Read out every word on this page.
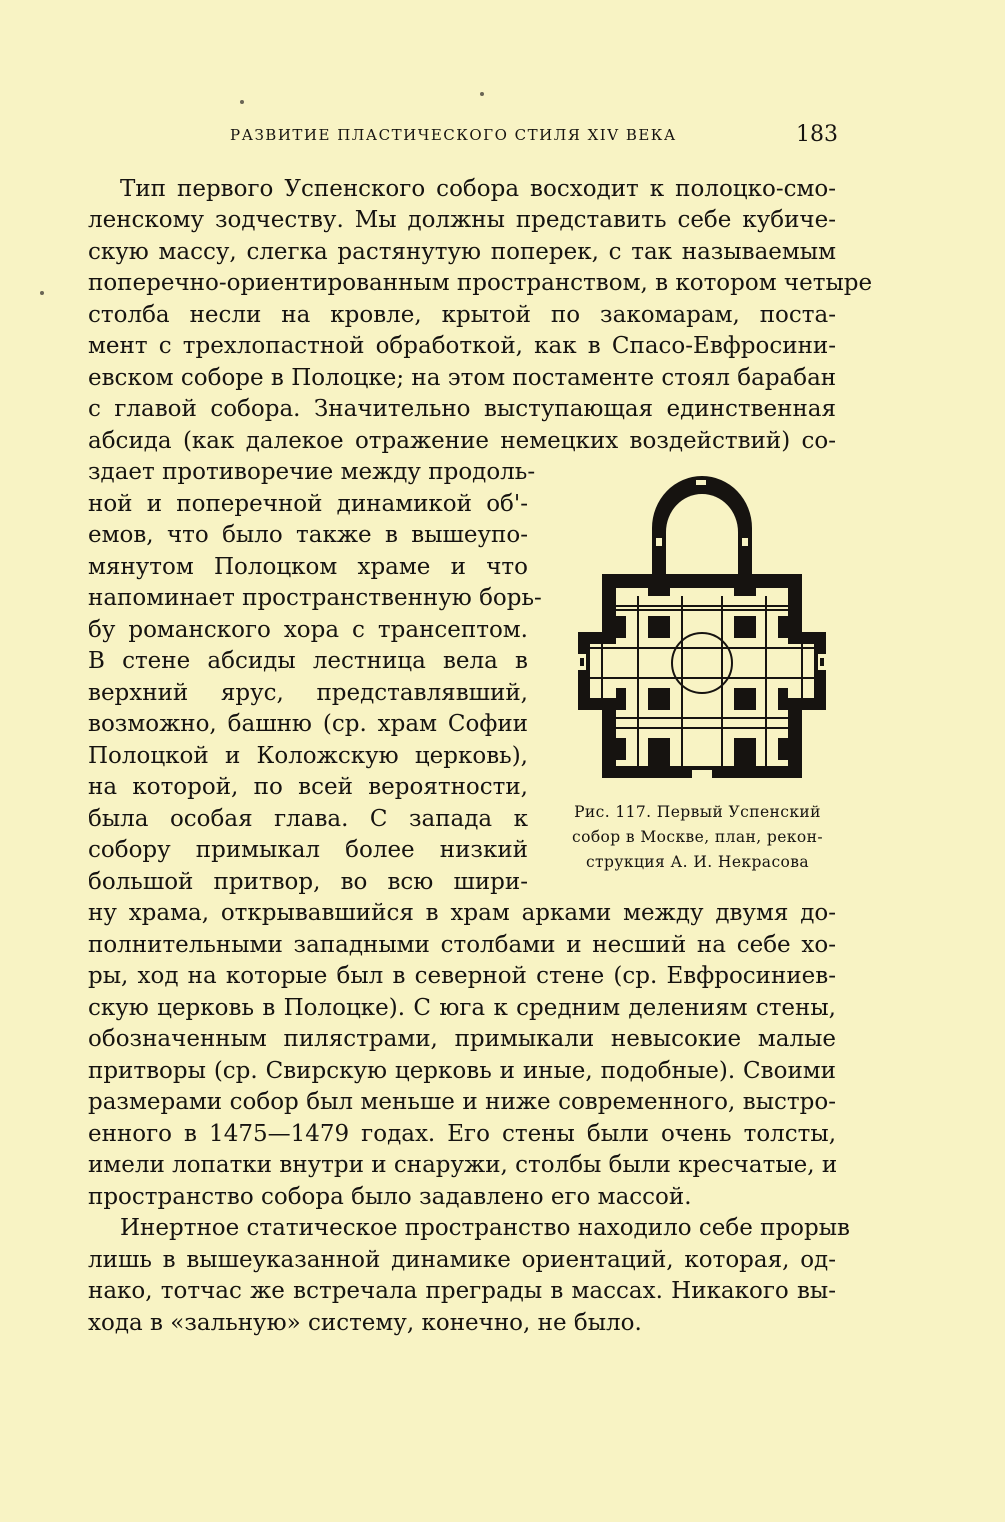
РАЗВИТИЕ ПЛАСТИЧЕСКОГО СТИЛЯ XIV ВЕКА	183
Тип первого Успенского собора восходит к полоцко-смо-
ленскому зодчеству. Мы должны представить себе кубиче-
скую массу, слегка растянутую поперек, с так называемым
поперечно-ориентированным пространством, в котором четыре
столба несли на кровле, крытой по закомарам, поста-
мент с трехлопастной обработкой, как в Спасо-Евфросини-
евском соборе в Полоцке; на этом постаменте стоял барабан
с главой собора. Значительно выступающая единственная
абсида (как далекое отражение немецких воздействий) со-
здает противоречие между продоль-
ной и поперечной динамикой об'-
емов, что было также в вышеупо-
мянутом Полоцком храме и что
напоминает пространственную борь-
бу романского хора с трансептом.
В стене абсиды лестница вела в
верхний ярус, представлявший,
возможно, башню (ср. храм Софии
Полоцкой и Коложскую церковь),
на которой, по всей вероятности,
была особая глава. С запада к
собору примыкал более низкий
большой притвор, во всю шири-
ну храма, открывавшийся в храм арками между двумя до-
полнительными западными столбами и несший на себе хо-
ры, ход на которые был в северной стене (ср. Евфросиниев-
скую церковь в Полоцке). С юга к средним делениям стены,
обозначенным пилястрами, примыкали невысокие малые
притворы (ср. Свирскую церковь и иные, подобные). Своими
размерами собор был меньше и ниже современного, выстро-
енного в 1475—1479 годах. Его стены были очень толсты,
имели лопатки внутри и снаружи, столбы были кресчатые, и
пространство собора было задавлено его массой.
Инертное статическое пространство находило себе прорыв
лишь в вышеуказанной динамике ориентаций, которая, од-
нако, тотчас же встречала преграды в массах. Никакого вы-
хода в «зальную» систему, конечно, не было.
Рис. 117. Первый Успенский
собор в Москве, план, рекон-
струкция А. И. Некрасова
